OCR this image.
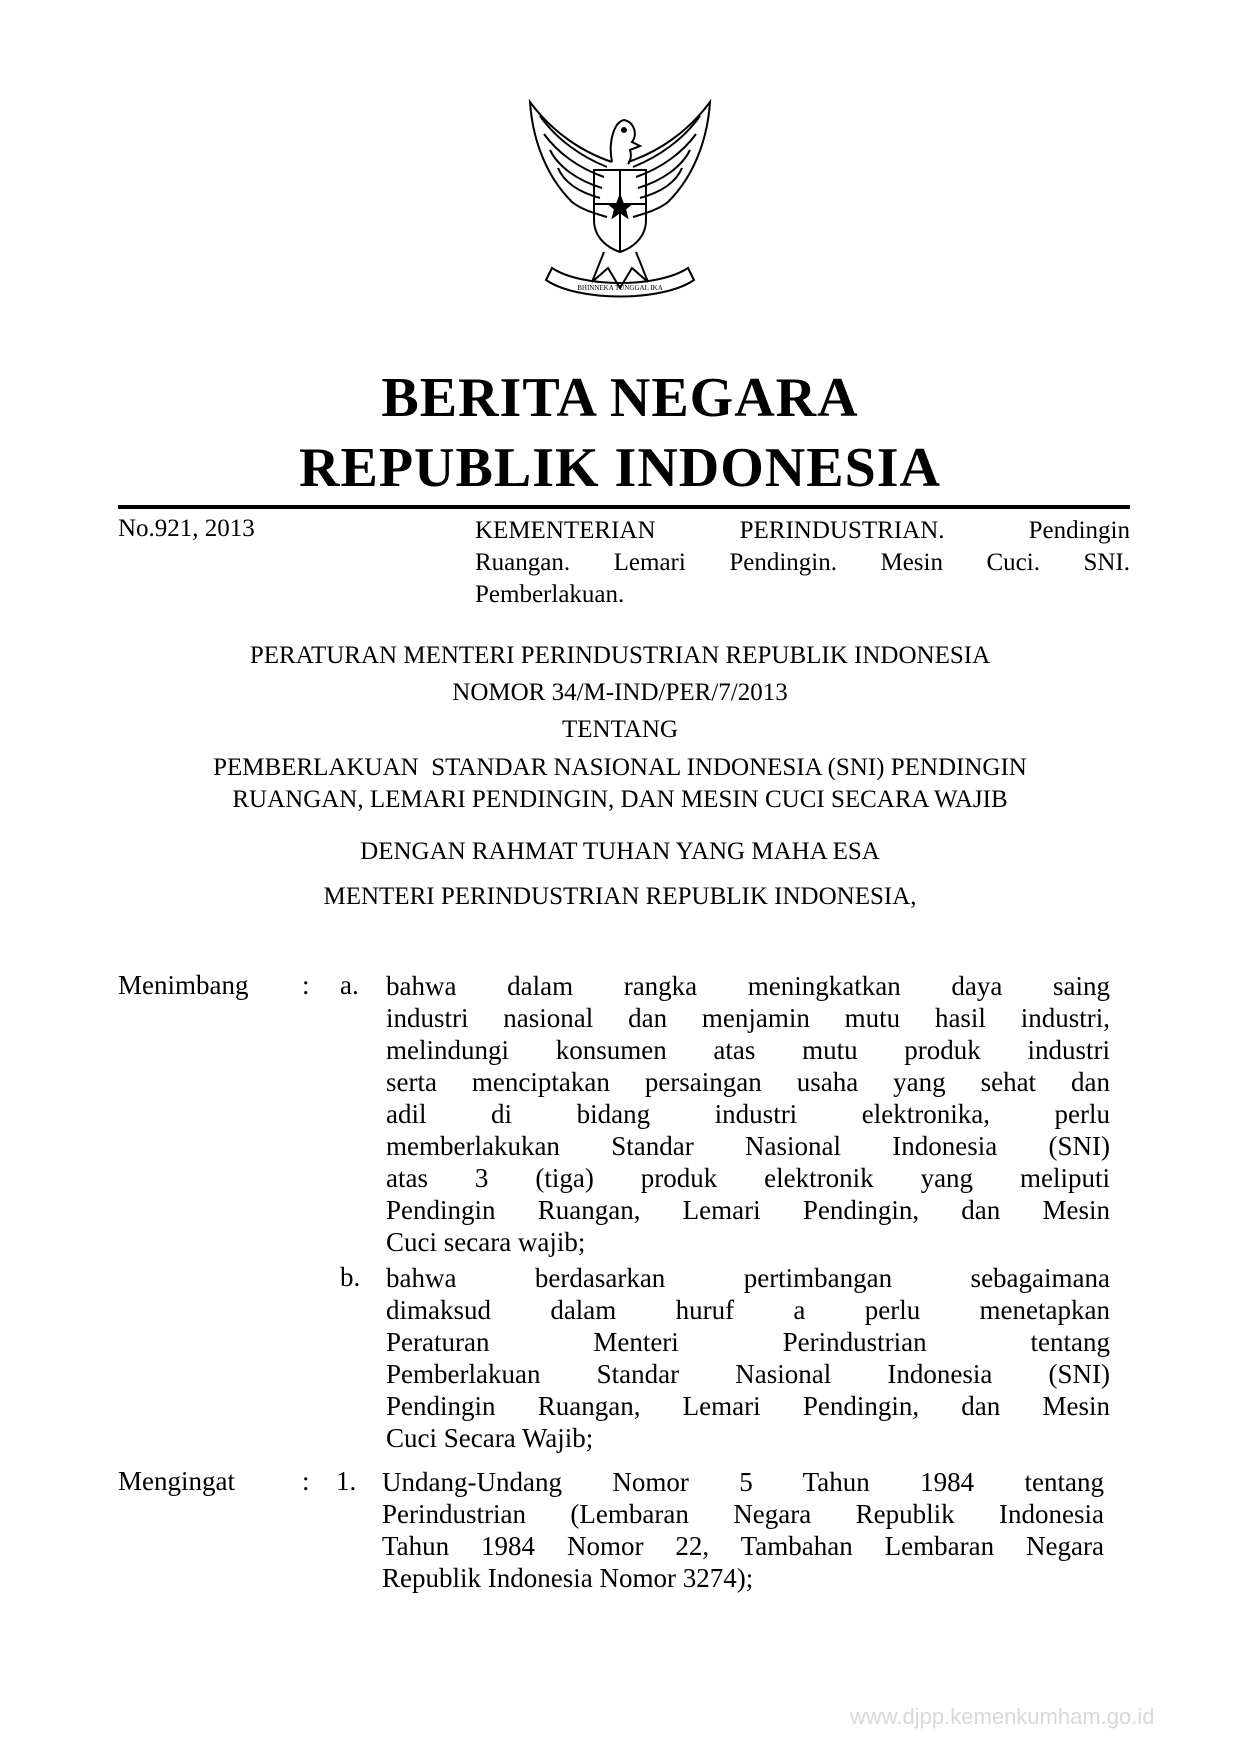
BHINNEKA TUNGGAL IKA
BERITA NEGARA
REPUBLIK INDONESIA
No.921, 2013	KEMENTERIAN PERINDUSTRIAN. Pendingin
Ruangan. Lemari Pendingin. Mesin Cuci. SNI.
Pemberlakuan.
PERATURAN MENTERI PERINDUSTRIAN REPUBLIK INDONESIA
NOMOR 34/M-IND/PER/7/2013
TENTANG
PEMBERLAKUAN  STANDAR NASIONAL INDONESIA (SNI) PENDINGIN
RUANGAN, LEMARI PENDINGIN, DAN MESIN CUCI SECARA WAJIB
DENGAN RAHMAT TUHAN YANG MAHA ESA
MENTERI PERINDUSTRIAN REPUBLIK INDONESIA,
Menimbang : a. bahwa dalam rangka meningkatkan daya saing
industri nasional dan menjamin mutu hasil industri,
melindungi konsumen atas mutu produk industri
serta menciptakan persaingan usaha yang sehat dan
adil di bidang industri elektronika, perlu
memberlakukan Standar Nasional Indonesia (SNI)
atas 3 (tiga) produk elektronik yang meliputi
Pendingin Ruangan, Lemari Pendingin, dan Mesin
Cuci secara wajib;
b. bahwa berdasarkan pertimbangan sebagaimana
dimaksud dalam huruf a perlu menetapkan
Peraturan Menteri Perindustrian tentang
Pemberlakuan Standar Nasional Indonesia (SNI)
Pendingin Ruangan, Lemari Pendingin, dan Mesin
Cuci Secara Wajib;
Mengingat : 1. Undang-Undang Nomor 5 Tahun 1984 tentang
Perindustrian (Lembaran Negara Republik Indonesia
Tahun 1984 Nomor 22, Tambahan Lembaran Negara
Republik Indonesia Nomor 3274);
www.djpp.kemenkumham.go.id
